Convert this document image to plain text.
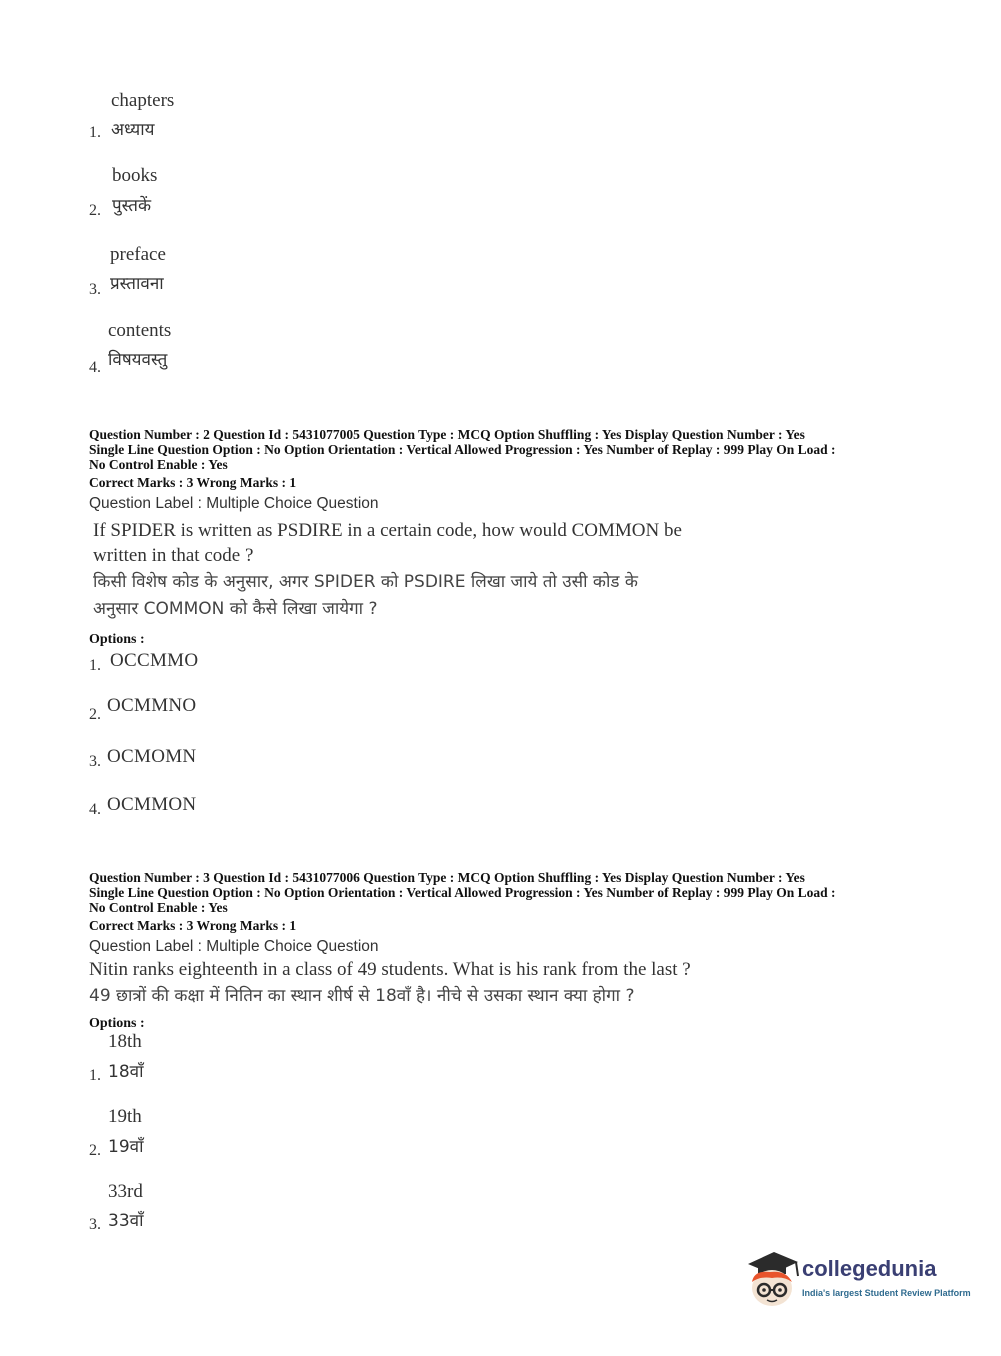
chapters
1. अध्याय
books
2. पुस्तकें
preface
3. प्रस्तावना
contents
4. विषयवस्तु
Question Number : 2 Question Id : 5431077005 Question Type : MCQ Option Shuffling : Yes Display Question Number : Yes
Single Line Question Option : No Option Orientation : Vertical Allowed Progression : Yes Number of Replay : 999 Play On Load :
No Control Enable : Yes
Correct Marks : 3 Wrong Marks : 1
Question Label : Multiple Choice Question
If SPIDER is written as PSDIRE in a certain code, how would COMMON be
written in that code ?
किसी विशेष कोड के अनुसार, अगर SPIDER को PSDIRE लिखा जाये तो उसी कोड के
अनुसार COMMON को कैसे लिखा जायेगा ?
Options :
1. OCCMMO
2. OCMMNO
3. OCMOMN
4. OCMMON
Question Number : 3 Question Id : 5431077006 Question Type : MCQ Option Shuffling : Yes Display Question Number : Yes
Single Line Question Option : No Option Orientation : Vertical Allowed Progression : Yes Number of Replay : 999 Play On Load :
No Control Enable : Yes
Correct Marks : 3 Wrong Marks : 1
Question Label : Multiple Choice Question
Nitin ranks eighteenth in a class of 49 students. What is his rank from the last ?
49 छात्रों की कक्षा में नितिन का स्थान शीर्ष से 18वाँ है। नीचे से उसका स्थान क्या होगा ?
Options :
18th
1. 18वाँ
19th
2. 19वाँ
33rd
3. 33वाँ
collegedunia
India's largest Student Review Platform
